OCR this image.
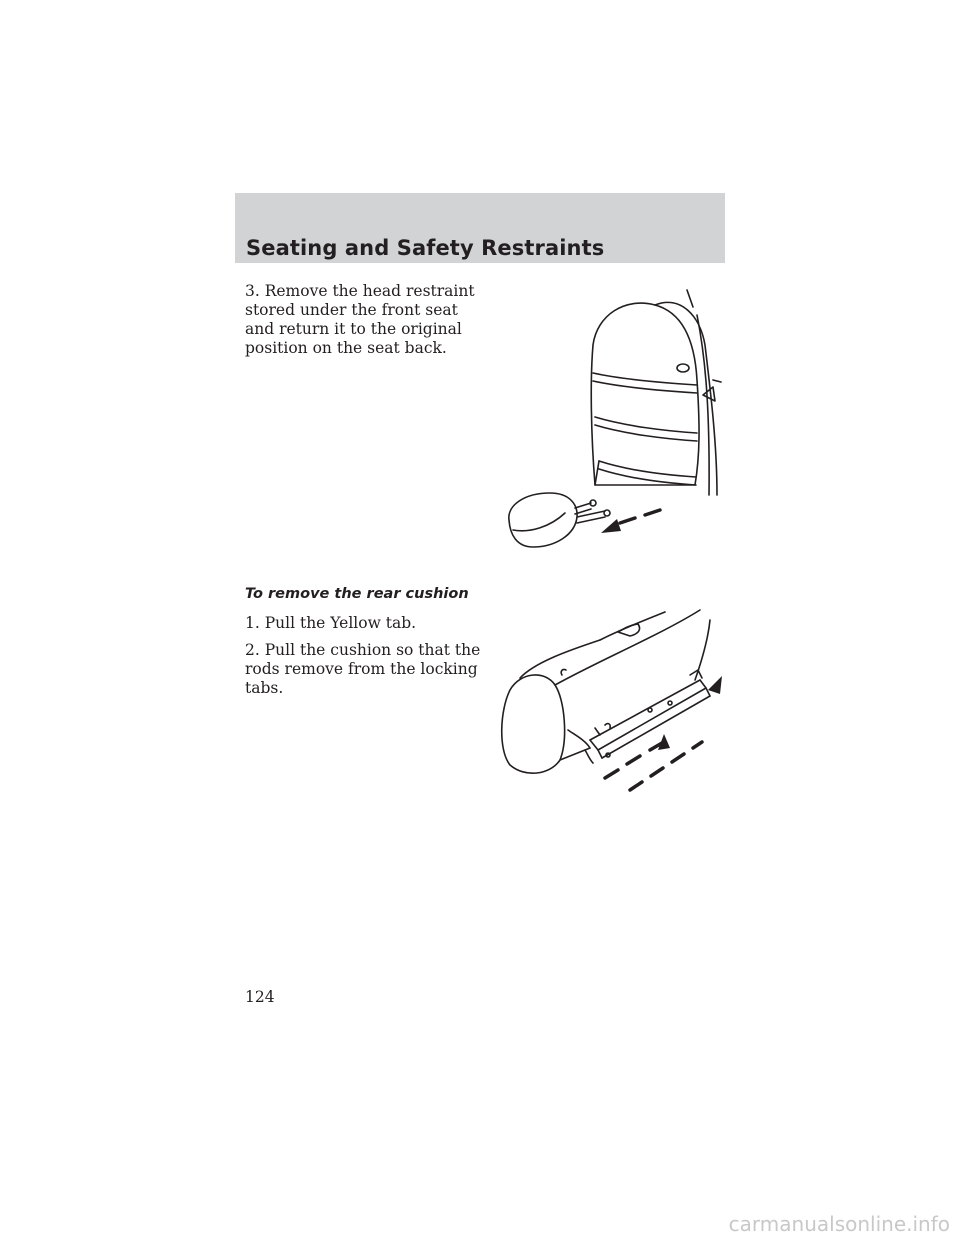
Seating and Safety Restraints

3. Remove the head restraint stored under the front seat and return it to the original position on the seat back.

To remove the rear cushion

1. Pull the Yellow tab.

2. Pull the cushion so that the rods remove from the locking tabs.

124

carmanualsonline.info
